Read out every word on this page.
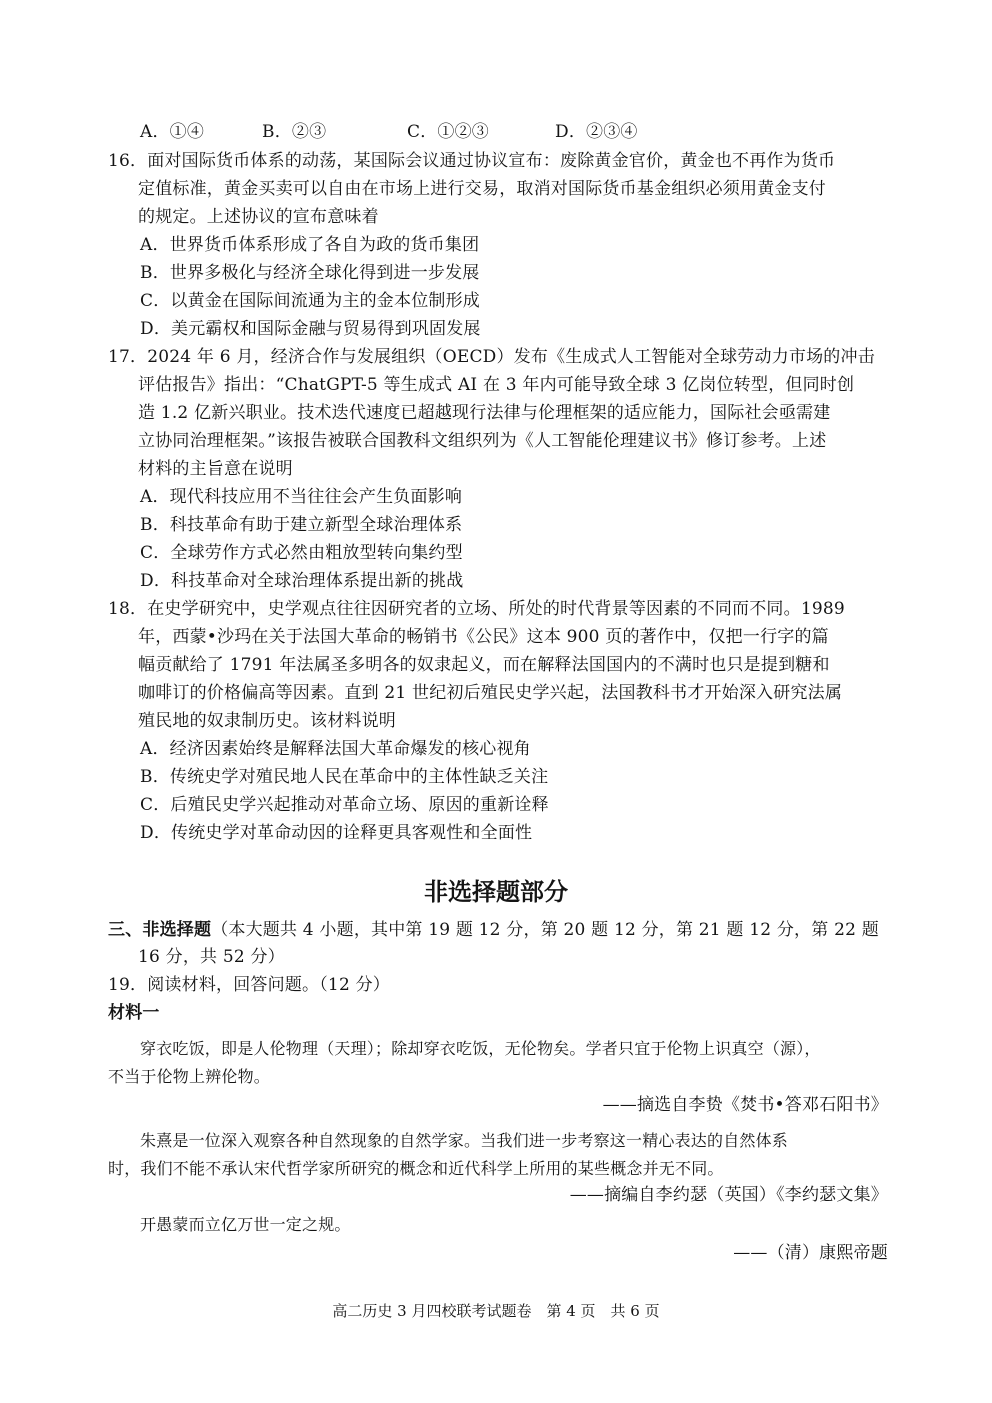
A．①④	B．②③	C．①②③	D．②③④
16．面对国际货币体系的动荡，某国际会议通过协议宣布：废除黄金官价，黄金也不再作为货币
定值标准，黄金买卖可以自由在市场上进行交易，取消对国际货币基金组织必须用黄金支付
的规定。上述协议的宣布意味着
A．世界货币体系形成了各自为政的货币集团
B．世界多极化与经济全球化得到进一步发展
C．以黄金在国际间流通为主的金本位制形成
D．美元霸权和国际金融与贸易得到巩固发展
17．2024 年 6 月，经济合作与发展组织（OECD）发布《生成式人工智能对全球劳动力市场的冲击
评估报告》指出：“ChatGPT-5 等生成式 AI 在 3 年内可能导致全球 3 亿岗位转型，但同时创
造 1.2 亿新兴职业。技术迭代速度已超越现行法律与伦理框架的适应能力，国际社会亟需建
立协同治理框架。”该报告被联合国教科文组织列为《人工智能伦理建议书》修订参考。上述
材料的主旨意在说明
A．现代科技应用不当往往会产生负面影响
B．科技革命有助于建立新型全球治理体系
C．全球劳作方式必然由粗放型转向集约型
D．科技革命对全球治理体系提出新的挑战
18．在史学研究中，史学观点往往因研究者的立场、所处的时代背景等因素的不同而不同。1989
年，西蒙•沙玛在关于法国大革命的畅销书《公民》这本 900 页的著作中，仅把一行字的篇
幅贡献给了 1791 年法属圣多明各的奴隶起义，而在解释法国国内的不满时也只是提到糖和
咖啡订的价格偏高等因素。直到 21 世纪初后殖民史学兴起，法国教科书才开始深入研究法属
殖民地的奴隶制历史。该材料说明
A．经济因素始终是解释法国大革命爆发的核心视角
B．传统史学对殖民地人民在革命中的主体性缺乏关注
C．后殖民史学兴起推动对革命立场、原因的重新诠释
D．传统史学对革命动因的诠释更具客观性和全面性
非选择题部分
三、非选择题（本大题共 4 小题，其中第 19 题 12 分，第 20 题 12 分，第 21 题 12 分，第 22 题
16 分，共 52 分）
19．阅读材料，回答问题。（12 分）
材料一
穿衣吃饭，即是人伦物理（天理）；除却穿衣吃饭，无伦物矣。学者只宜于伦物上识真空（源），
不当于伦物上辨伦物。
——摘选自李贽《焚书•答邓石阳书》
朱熹是一位深入观察各种自然现象的自然学家。当我们进一步考察这一精心表达的自然体系
时，我们不能不承认宋代哲学家所研究的概念和近代科学上所用的某些概念并无不同。
——摘编自李约瑟（英国）《李约瑟文集》
开愚蒙而立亿万世一定之规。
——（清）康熙帝题
高二历史 3 月四校联考试题卷　第 4 页　共 6 页
